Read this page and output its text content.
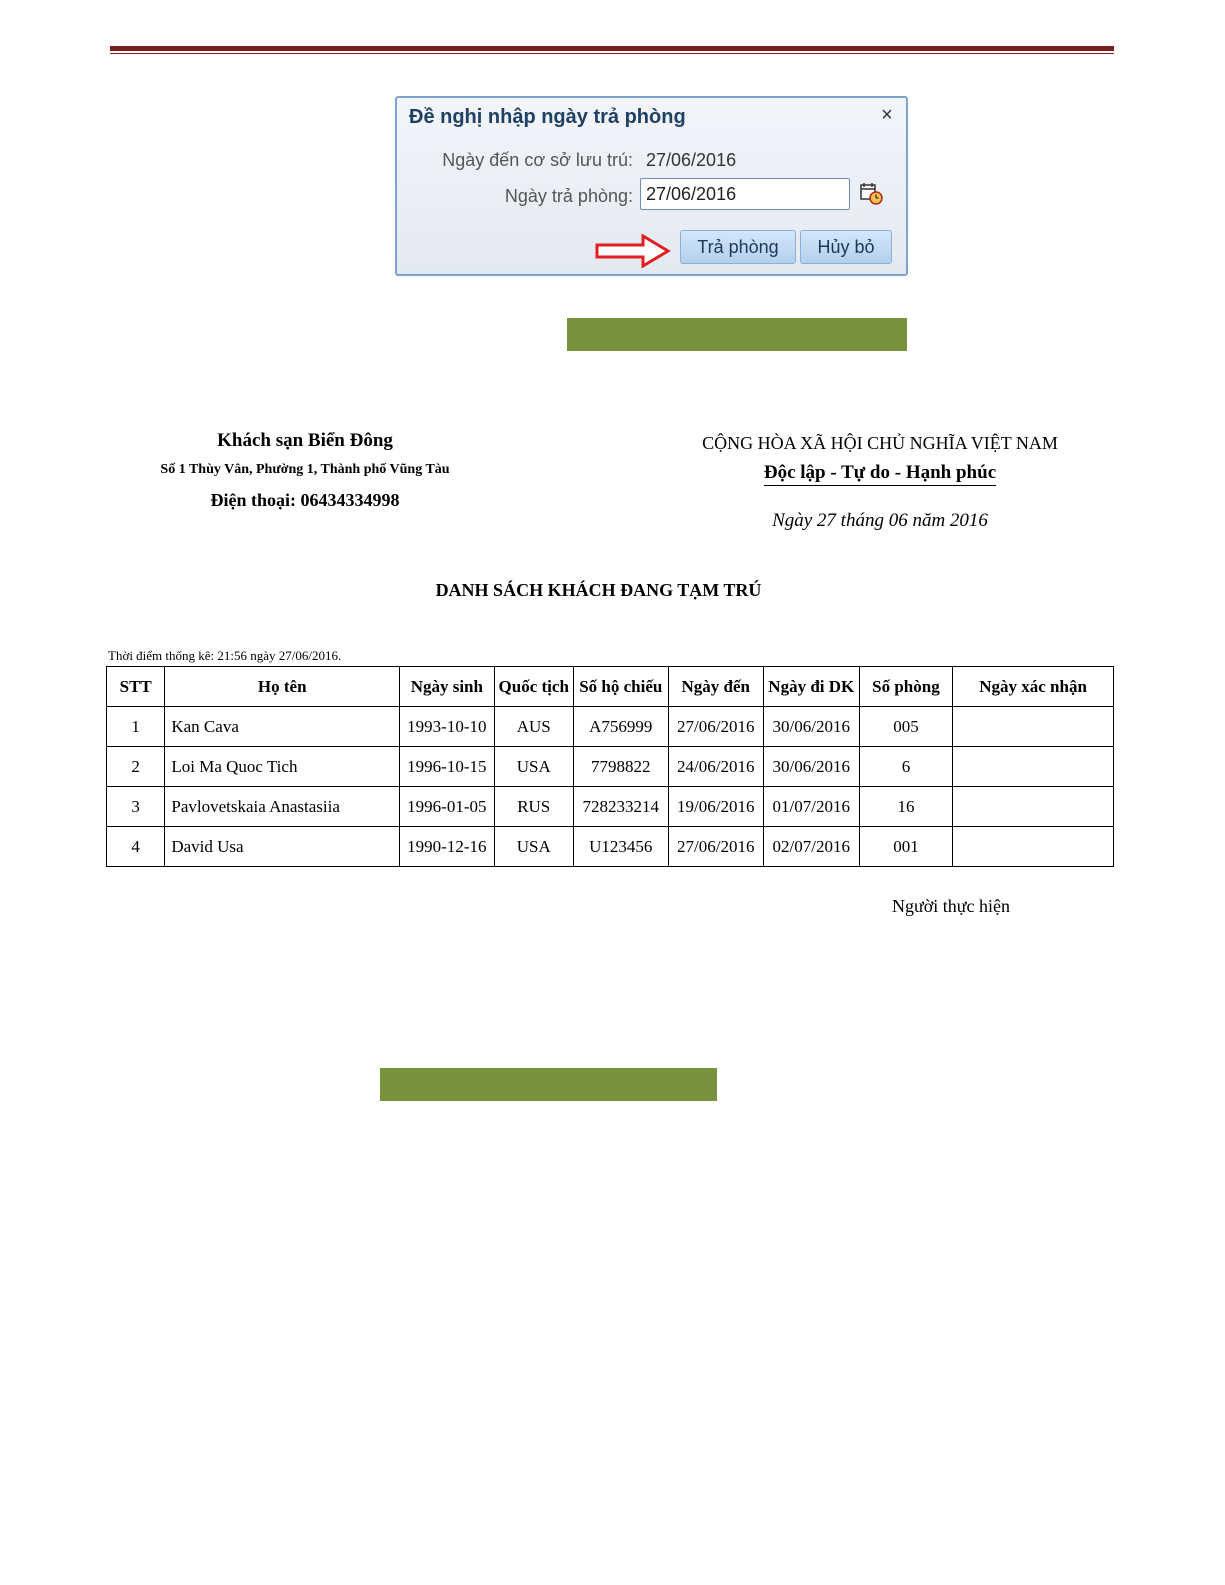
Đề nghị nhập ngày trả phòng	×
Ngày đến cơ sở lưu trú: 27/06/2016
Ngày trả phòng:
27/06/2016
Trả phòng	Hủy bỏ
Khách sạn Biển Đông
Số 1 Thùy Vân, Phường 1, Thành phố Vũng Tàu
Điện thoại: 06434334998
CỘNG HÒA XÃ HỘI CHỦ NGHĨA VIỆT NAM
Độc lập - Tự do - Hạnh phúc
Ngày 27 tháng 06 năm 2016
DANH SÁCH KHÁCH ĐANG TẠM TRÚ
Thời điểm thống kê: 21:56 ngày 27/06/2016.
STT	Họ tên	Ngày sinh	Quốc tịch	Số hộ chiếu	Ngày đến	Ngày đi DK	Số phòng	Ngày xác nhận
1	Kan Cava	1993-10-10	AUS	A756999	27/06/2016	30/06/2016	005	
2	Loi Ma Quoc Tich	1996-10-15	USA	7798822	24/06/2016	30/06/2016	6	
3	Pavlovetskaia Anastasiia	1996-01-05	RUS	728233214	19/06/2016	01/07/2016	16	
4	David Usa	1990-12-16	USA	U123456	27/06/2016	02/07/2016	001	
Người thực hiện
